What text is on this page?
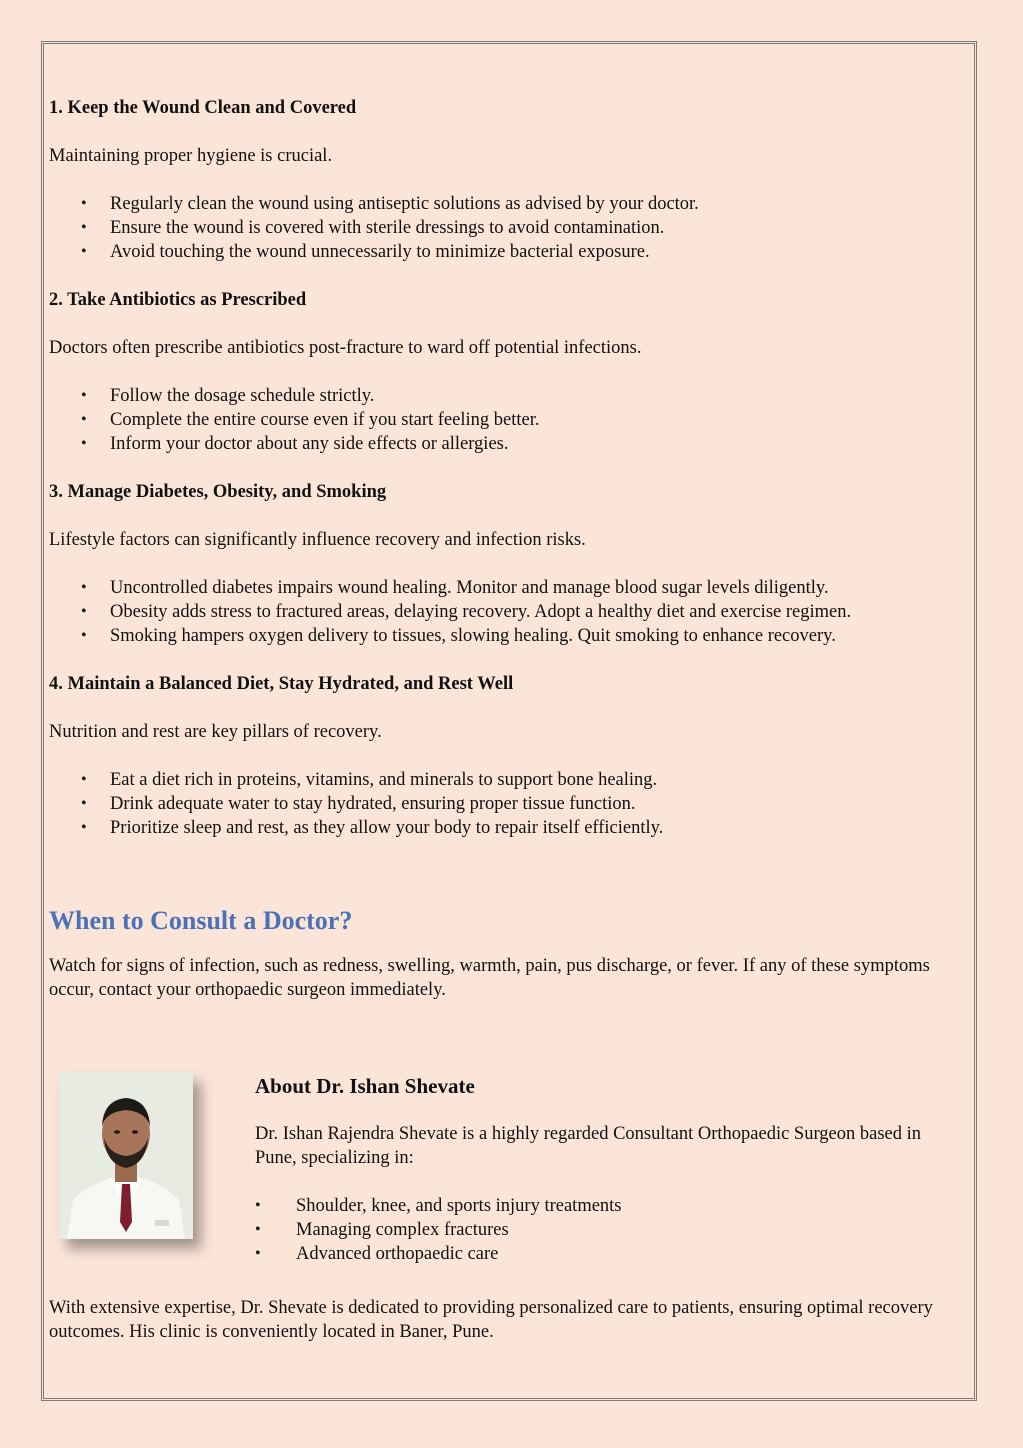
1. Keep the Wound Clean and Covered

Maintaining proper hygiene is crucial.

• Regularly clean the wound using antiseptic solutions as advised by your doctor.
• Ensure the wound is covered with sterile dressings to avoid contamination.
• Avoid touching the wound unnecessarily to minimize bacterial exposure.
2. Take Antibiotics as Prescribed

Doctors often prescribe antibiotics post-fracture to ward off potential infections.

• Follow the dosage schedule strictly.
• Complete the entire course even if you start feeling better.
• Inform your doctor about any side effects or allergies.
3. Manage Diabetes, Obesity, and Smoking

Lifestyle factors can significantly influence recovery and infection risks.

• Uncontrolled diabetes impairs wound healing. Monitor and manage blood sugar levels diligently.
• Obesity adds stress to fractured areas, delaying recovery. Adopt a healthy diet and exercise regimen.
• Smoking hampers oxygen delivery to tissues, slowing healing. Quit smoking to enhance recovery.
4. Maintain a Balanced Diet, Stay Hydrated, and Rest Well

Nutrition and rest are key pillars of recovery.

• Eat a diet rich in proteins, vitamins, and minerals to support bone healing.
• Drink adequate water to stay hydrated, ensuring proper tissue function.
• Prioritize sleep and rest, as they allow your body to repair itself efficiently.
When to Consult a Doctor?

Watch for signs of infection, such as redness, swelling, warmth, pain, pus discharge, or fever. If any of these symptoms occur, contact your orthopaedic surgeon immediately.

About Dr. Ishan Shevate

Dr. Ishan Rajendra Shevate is a highly regarded Consultant Orthopaedic Surgeon based in Pune, specializing in:

• Shoulder, knee, and sports injury treatments
• Managing complex fractures
• Advanced orthopaedic care

With extensive expertise, Dr. Shevate is dedicated to providing personalized care to patients, ensuring optimal recovery outcomes. His clinic is conveniently located in Baner, Pune.
